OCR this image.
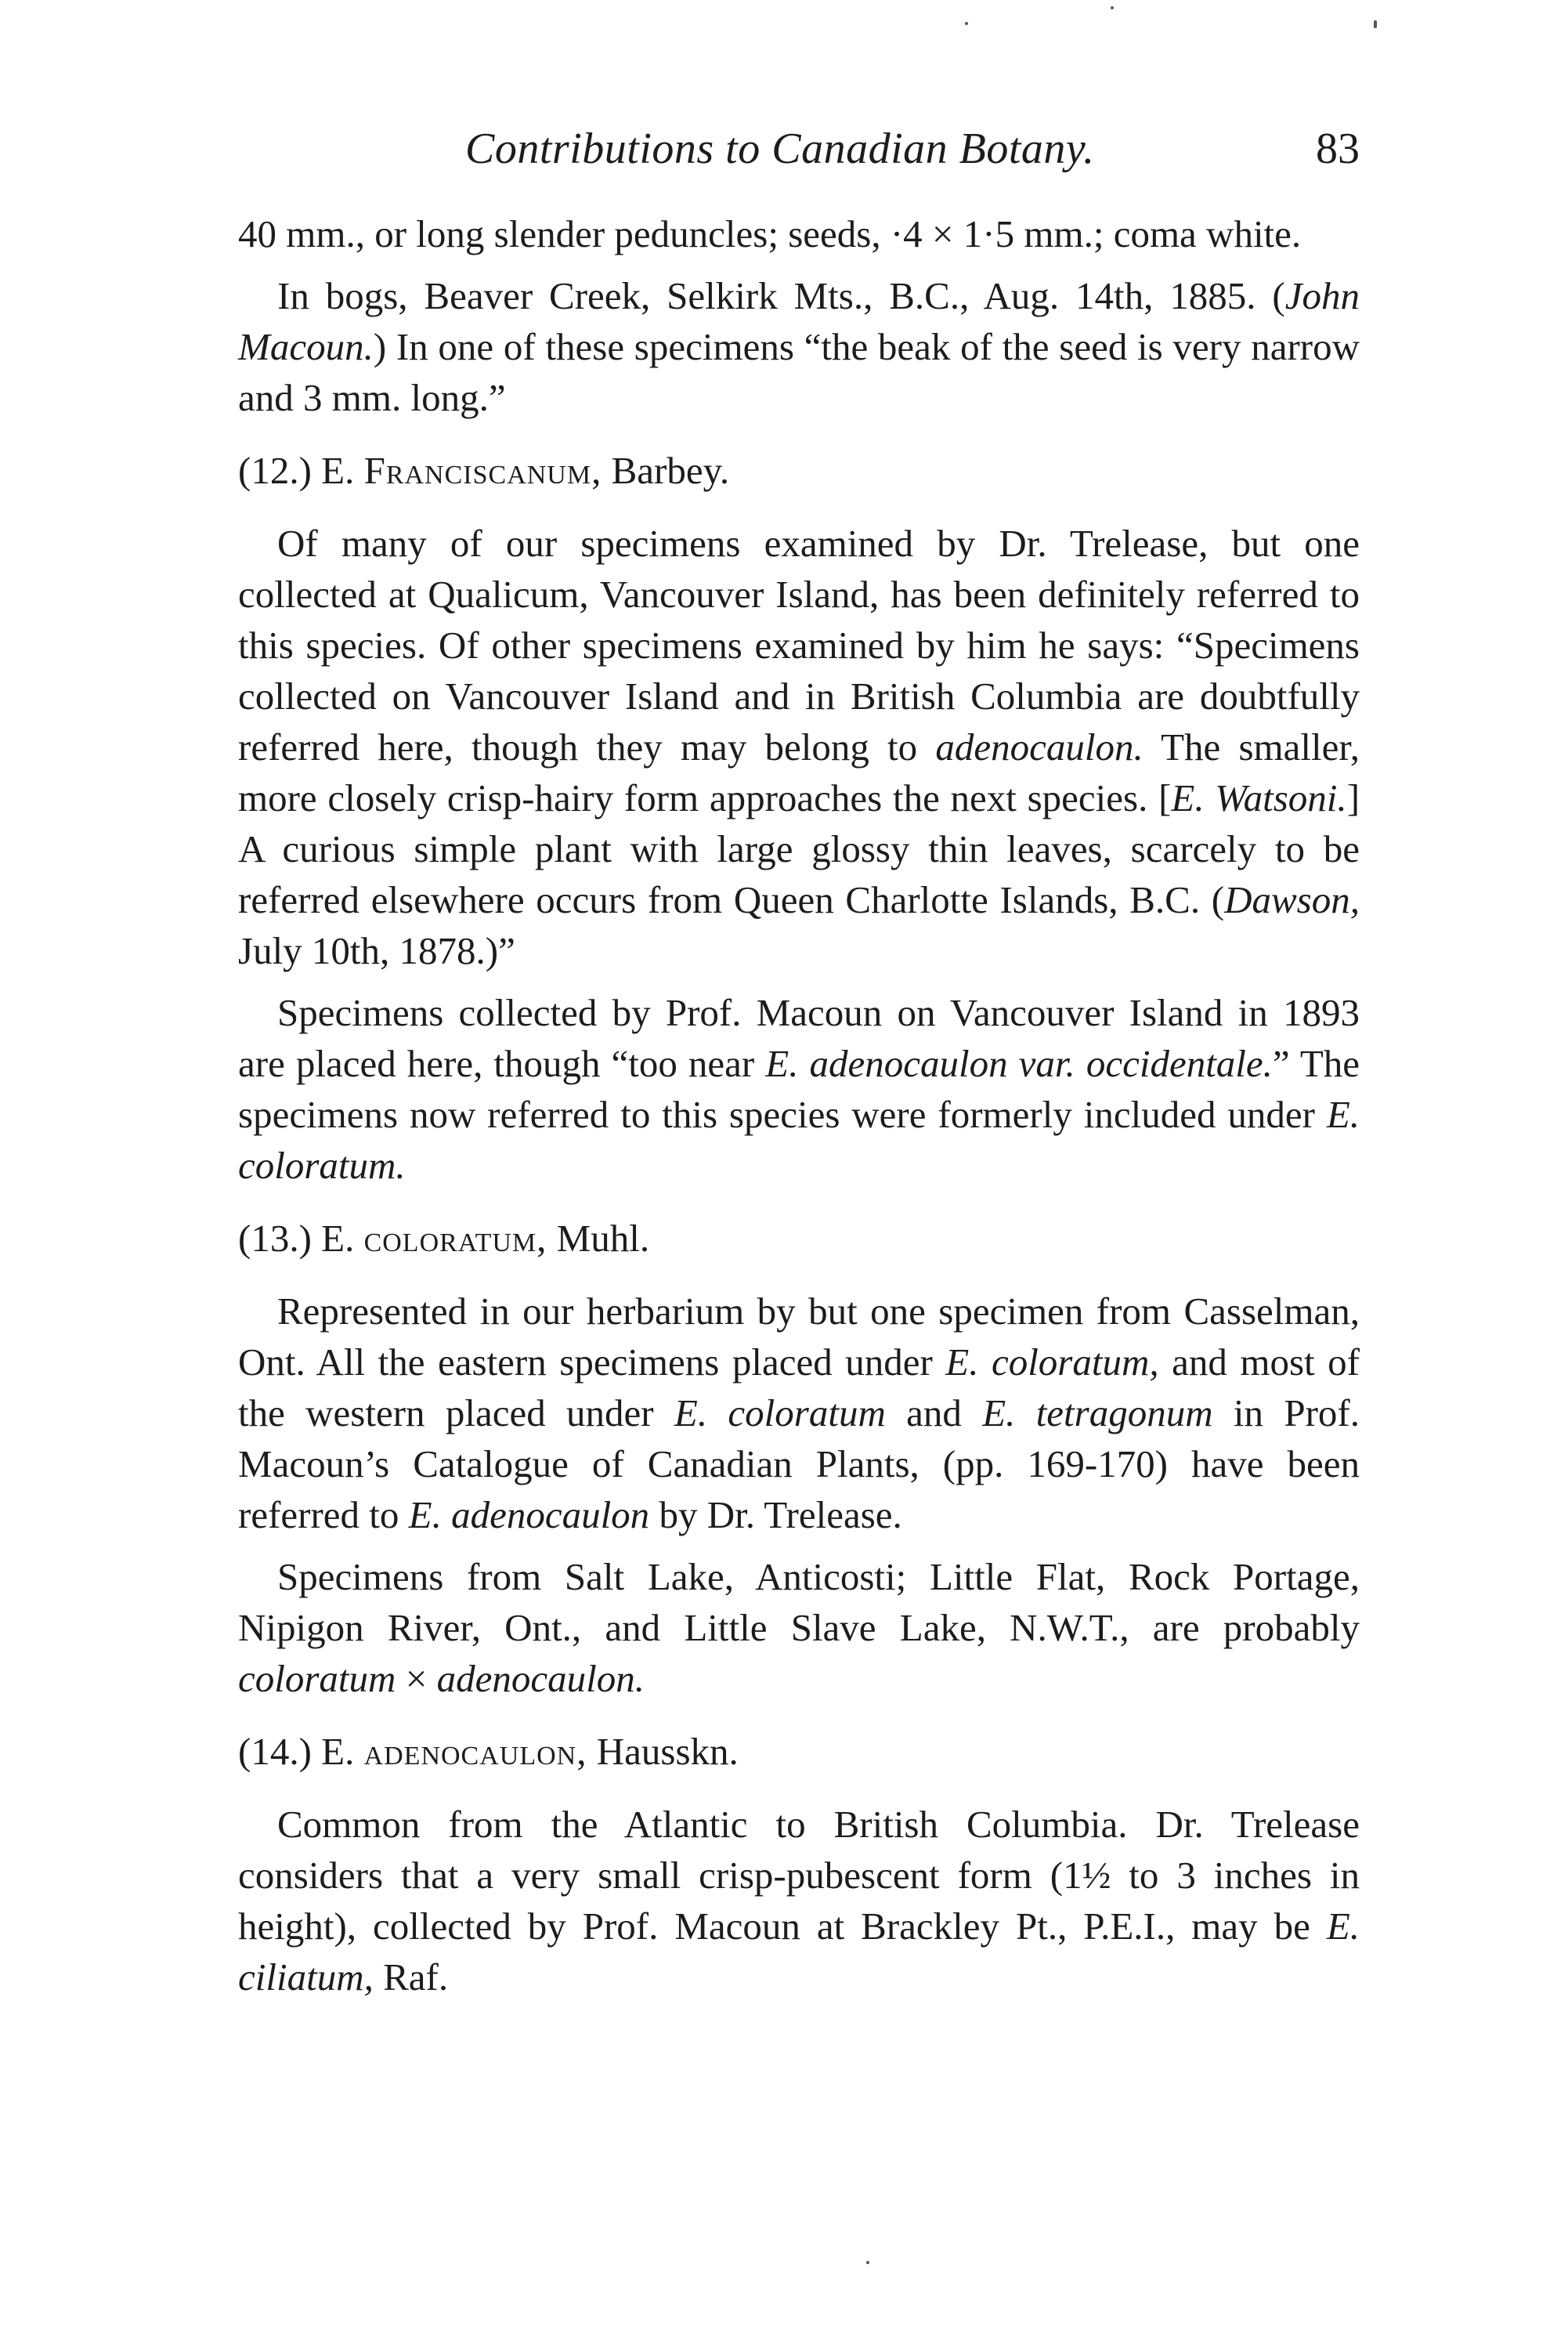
Contributions to Canadian Botany.	83

40 mm., or long slender peduncles; seeds, ·4 × 1·5 mm.; coma white.

In bogs, Beaver Creek, Selkirk Mts., B.C., Aug. 14th, 1885. (John Macoun.) In one of these specimens “the beak of the seed is very narrow and 3 mm. long.”

(12.) E. Franciscanum, Barbey.

Of many of our specimens examined by Dr. Trelease, but one collected at Qualicum, Vancouver Island, has been definitely referred to this species. Of other specimens examined by him he says: “Specimens collected on Vancouver Island and in British Columbia are doubtfully referred here, though they may belong to adenocaulon. The smaller, more closely crisp-hairy form approaches the next species. [E. Watsoni.] A curious simple plant with large glossy thin leaves, scarcely to be referred elsewhere occurs from Queen Charlotte Islands, B.C. (Dawson, July 10th, 1878.)”

Specimens collected by Prof. Macoun on Vancouver Island in 1893 are placed here, though “too near E. adenocaulon var. occidentale.” The specimens now referred to this species were formerly included under E. coloratum.

(13.) E. coloratum, Muhl.

Represented in our herbarium by but one specimen from Casselman, Ont. All the eastern specimens placed under E. coloratum, and most of the western placed under E. coloratum and E. tetragonum in Prof. Macoun’s Catalogue of Canadian Plants, (pp. 169-170) have been referred to E. adenocaulon by Dr. Trelease.

Specimens from Salt Lake, Anticosti; Little Flat, Rock Portage, Nipigon River, Ont., and Little Slave Lake, N.W.T., are probably coloratum × adenocaulon.

(14.) E. adenocaulon, Hausskn.

Common from the Atlantic to British Columbia. Dr. Trelease considers that a very small crisp-pubescent form (1½ to 3 inches in height), collected by Prof. Macoun at Brackley Pt., P.E.I., may be E. ciliatum, Raf.
